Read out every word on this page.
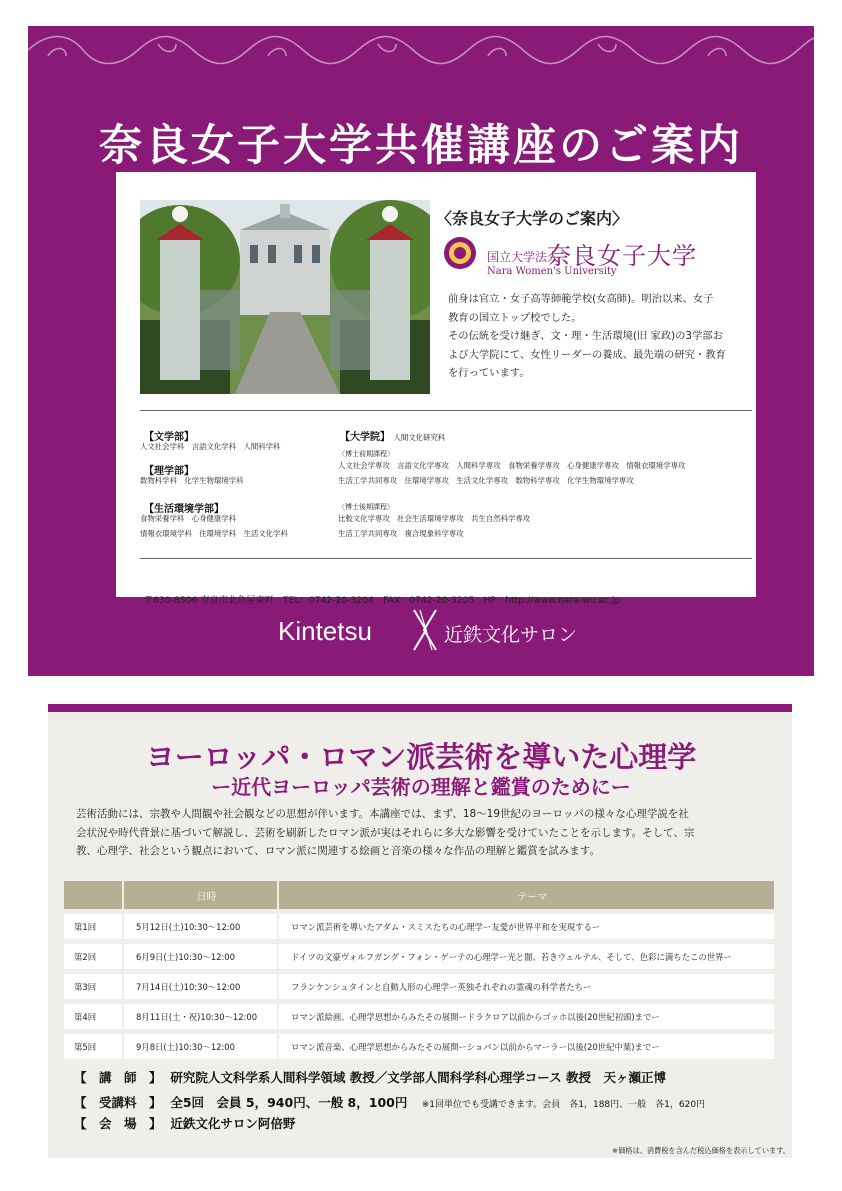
奈良女子大学共催講座のご案内
〈奈良女子大学のご案内〉
国立大学法人
奈良女子大学
Nara Women's University
前身は官立・女子高等師範学校(女高師)。明治以来、女子
教育の国立トップ校でした。
その伝統を受け継ぎ、文・理・生活環境(旧 家政)の3学部お
よび大学院にて、女性リーダーの養成、最先端の研究・教育
を行っています。
【文学部】
人文社会学科　言語文化学科　人間科学科
【理学部】
数物科学科　化学生物環境学科
【生活環境学部】
食物栄養学科　心身健康学科
情報衣環境学科　住環境学科　生活文化学科
【大学院】 人間文化研究科
〈博士前期課程〉
人文社会学専攻　言語文化学専攻　人間科学専攻　食物栄養学専攻　心身健康学専攻　情報衣環境学専攻
生活工学共同専攻　住環境学専攻　生活文化学専攻　数物科学専攻　化学生物環境学専攻
〈博士後期課程〉
比較文化学専攻　社会生活環境学専攻　共生自然科学専攻
生活工学共同専攻　複合現象科学専攻
〒630-8506 奈良市北魚屋東町　TEL：0742-20-3204　FAX：0742-20-3205　HP：http://www.nara-wu.ac.jp
Kintetsu	近鉄文化サロン
ヨーロッパ・ロマン派芸術を導いた心理学
ー近代ヨーロッパ芸術の理解と鑑賞のためにー
芸術活動には、宗教や人間観や社会観などの思想が伴います。本講座では、まず、18～19世紀のヨーロッパの様々な心理学説を社
会状況や時代背景に基づいて解説し、芸術を刷新したロマン派が実はそれらに多大な影響を受けていたことを示します。そして、宗
教、心理学、社会という観点において、ロマン派に関連する絵画と音楽の様々な作品の理解と鑑賞を試みます。
	日時	テーマ
第1回	5月12日(土)10:30～12:00	ロマン派芸術を導いたアダム・スミスたちの心理学ー友愛が世界平和を実現するー
第2回	6月9日(土)10:30～12:00	ドイツの文豪ヴォルフガング・フォン・ゲーテの心理学ー光と闇、若きウェルテル、そして、色彩に満ちたこの世界ー
第3回	7月14日(土)10:30～12:00	フランケンシュタインと自動人形の心理学ー英独それぞれの霊魂の科学者たちー
第4回	8月11日(土・祝)10:30～12:00	ロマン派絵画、心理学思想からみたその展開ードラクロア以前からゴッホ以後(20世紀初頭)までー
第5回	9月8日(土)10:30～12:00	ロマン派音楽、心理学思想からみたその展開ーショパン以前からマーラー以後(20世紀中葉)までー
【　講　師　】 研究院人文科学系人間科学領域 教授／文学部人間科学科心理学コース 教授　天ヶ瀬正博
【　受講料　】 全5回　会員 5，940円、一般 8，100円 ※1回単位でも受講できます。会員　各1，188円、一般　各1，620円
【　会　場　】 近鉄文化サロン阿倍野
※価格は、消費税を含んだ税込価格を表示しています。
